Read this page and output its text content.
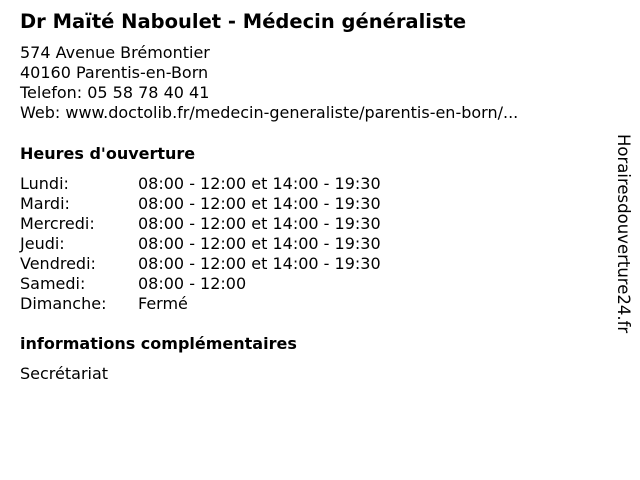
Dr Maïté Naboulet - Médecin généraliste
574 Avenue Brémontier
40160 Parentis-en-Born
Telefon: 05 58 78 40 41
Web: www.doctolib.fr/medecin-generaliste/parentis-en-born/...
Heures d'ouverture
Lundi:	08:00 - 12:00 et 14:00 - 19:30
Mardi:	08:00 - 12:00 et 14:00 - 19:30
Mercredi:	08:00 - 12:00 et 14:00 - 19:30
Jeudi:	08:00 - 12:00 et 14:00 - 19:30
Vendredi:	08:00 - 12:00 et 14:00 - 19:30
Samedi:	08:00 - 12:00
Dimanche: Fermé
informations complémentaires
Secrétariat
Horairesdouverture24.fr
